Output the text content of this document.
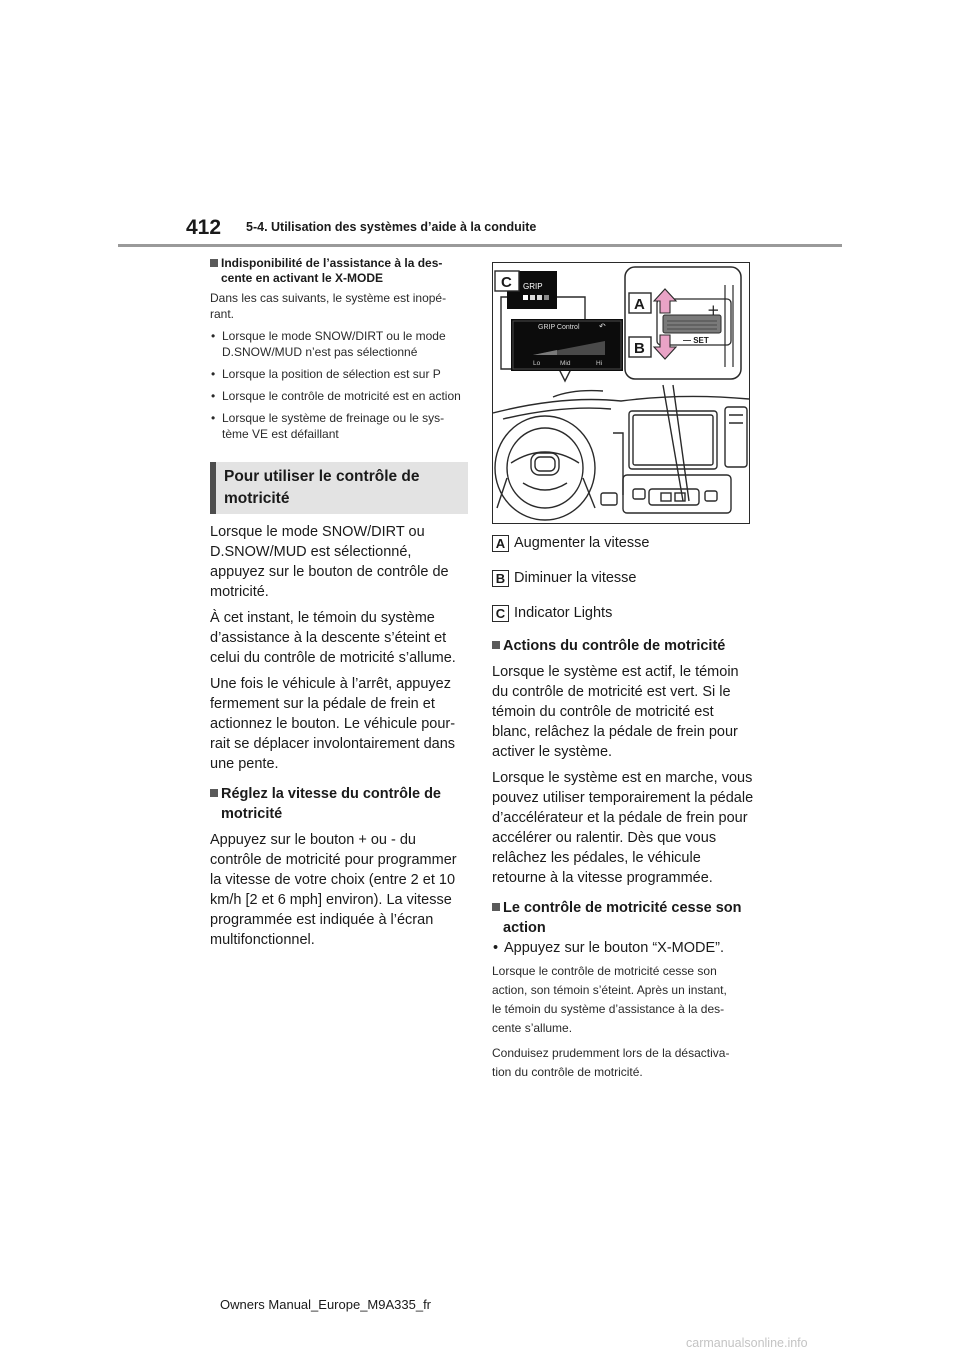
412 5-4. Utilisation des systèmes d’aide à la conduite
Indisponibilité de l’assistance à la des-cente en activant le X-MODE
Dans les cas suivants, le système est inopé-rant.
• Lorsque le mode SNOW/DIRT ou le mode D.SNOW/MUD n’est pas sélectionné
• Lorsque la position de sélection est sur P
• Lorsque le contrôle de motricité est en action
• Lorsque le système de freinage ou le sys-tème VE est défaillant
Pour utiliser le contrôle de motricité
Lorsque le mode SNOW/DIRT ou D.SNOW/MUD est sélectionné, appuyez sur le bouton de contrôle de motricité.
À cet instant, le témoin du système d’assistance à la descente s’éteint et celui du contrôle de motricité s’allume.
Une fois le véhicule à l’arrêt, appuyez fermement sur la pédale de frein et actionnez le bouton. Le véhicule pour-rait se déplacer involontairement dans une pente.
Réglez la vitesse du contrôle de motricité
Appuyez sur le bouton + ou - du contrôle de motricité pour programmer la vitesse de votre choix (entre 2 et 10 km/h [2 et 6 mph] environ). La vitesse programmée est indiquée à l’écran multifonctionnel.
GRIP
GRIP Control ↶
Lo	Mid	Hi
C
+
— SET
A
B
A Augmenter la vitesse
B Diminuer la vitesse
C Indicator Lights
Actions du contrôle de motricité
Lorsque le système est actif, le témoin du contrôle de motricité est vert. Si le témoin du contrôle de motricité est blanc, relâchez la pédale de frein pour activer le système.
Lorsque le système est en marche, vous pouvez utiliser temporairement la pédale d’accélérateur et la pédale de frein pour accélérer ou ralentir. Dès que vous relâchez les pédales, le véhicule retourne à la vitesse programmée.
Le contrôle de motricité cesse son action
• Appuyez sur le bouton “X-MODE”.
Lorsque le contrôle de motricité cesse son
action, son témoin s’éteint. Après un instant,
le témoin du système d’assistance à la des-
cente s’allume.
Conduisez prudemment lors de la désactiva-
tion du contrôle de motricité.
Owners Manual_Europe_M9A335_fr
carmanualsonline.info
